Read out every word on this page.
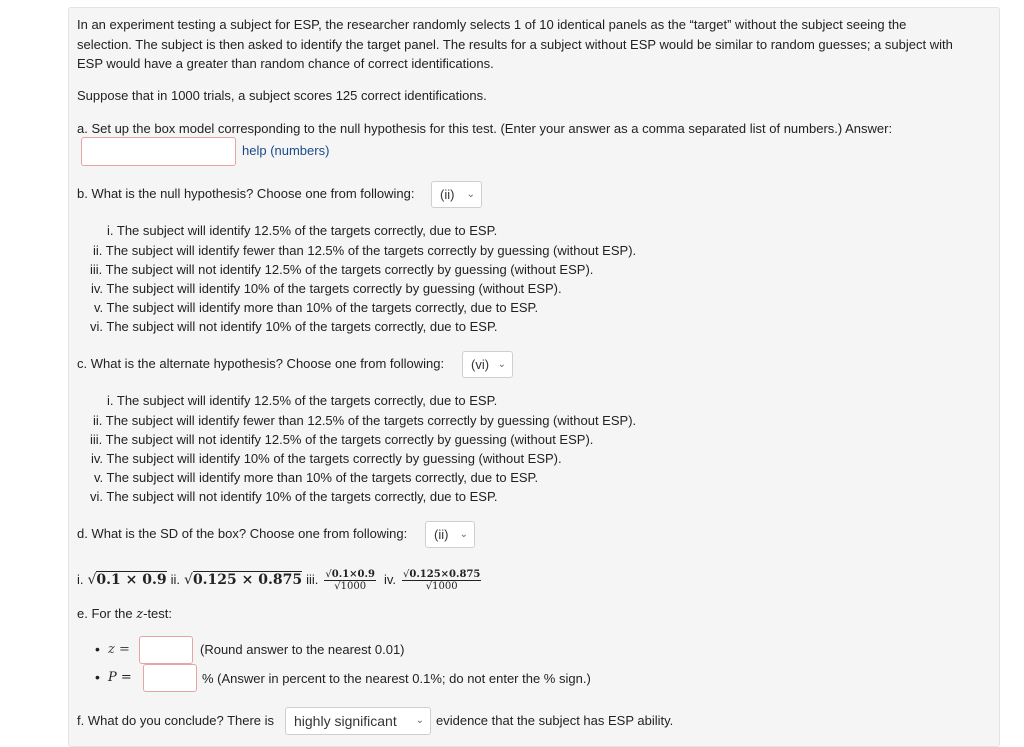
In an experiment testing a subject for ESP, the researcher randomly selects 1 of 10 identical panels as the “target” without the subject seeing the
selection. The subject is then asked to identify the target panel. The results for a subject without ESP would be similar to random guesses; a subject with
ESP would have a greater than random chance of correct identifications.
Suppose that in 1000 trials, a subject scores 125 correct identifications.
a. Set up the box model corresponding to the null hypothesis for this test. (Enter your answer as a comma separated list of numbers.) Answer:
help (numbers)
b. What is the null hypothesis? Choose one from following:	(ii) ⌄
i. The subject will identify 12.5% of the targets correctly, due to ESP.
ii. The subject will identify fewer than 12.5% of the targets correctly by guessing (without ESP).
iii. The subject will not identify 12.5% of the targets correctly by guessing (without ESP).
iv. The subject will identify 10% of the targets correctly by guessing (without ESP).
v. The subject will identify more than 10% of the targets correctly, due to ESP.
vi. The subject will not identify 10% of the targets correctly, due to ESP.
c. What is the alternate hypothesis? Choose one from following:	(vi) ⌄
i. The subject will identify 12.5% of the targets correctly, due to ESP.
ii. The subject will identify fewer than 12.5% of the targets correctly by guessing (without ESP).
iii. The subject will not identify 12.5% of the targets correctly by guessing (without ESP).
iv. The subject will identify 10% of the targets correctly by guessing (without ESP).
v. The subject will identify more than 10% of the targets correctly, due to ESP.
vi. The subject will not identify 10% of the targets correctly, due to ESP.
d. What is the SD of the box? Choose one from following:	(ii) ⌄
i. √0.1 × 0.9 ii. √0.125 × 0.875 iii. $\frac{√0.1\times 0.9}{√1000}$ iv. $\frac{√0.125\times 0.875}{√1000}$
e. For the z-test:
• z =	(Round answer to the nearest 0.01)
• P =	% (Answer in percent to the nearest 0.1%; do not enter the % sign.)
f. What do you conclude? There is	highly significant ⌄ evidence that the subject has ESP ability.
